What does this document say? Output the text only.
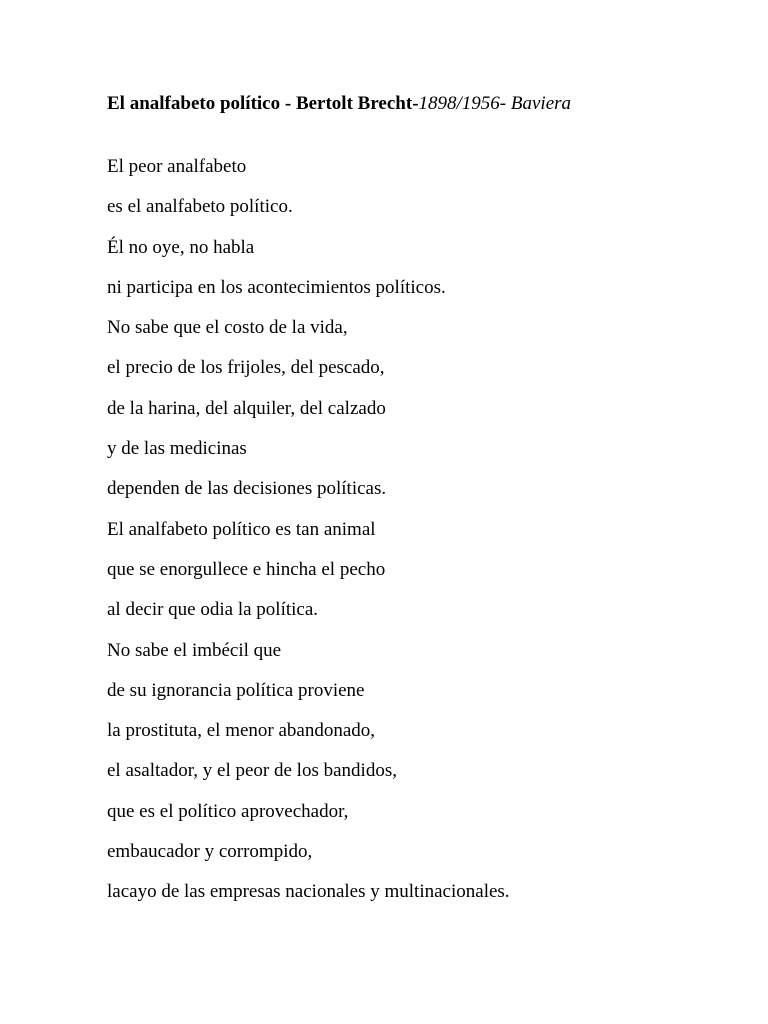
El analfabeto político - Bertolt Brecht-1898/1956- Baviera
El peor analfabeto
es el analfabeto político.
Él no oye, no habla
ni participa en los acontecimientos políticos.
No sabe que el costo de la vida,
el precio de los frijoles, del pescado,
de la harina, del alquiler, del calzado
y de las medicinas
dependen de las decisiones políticas.
El analfabeto político es tan animal
que se enorgullece e hincha el pecho
al decir que odia la política.
No sabe el imbécil que
de su ignorancia política proviene
la prostituta, el menor abandonado,
el asaltador, y el peor de los bandidos,
que es el político aprovechador,
embaucador y corrompido,
lacayo de las empresas nacionales y multinacionales.
